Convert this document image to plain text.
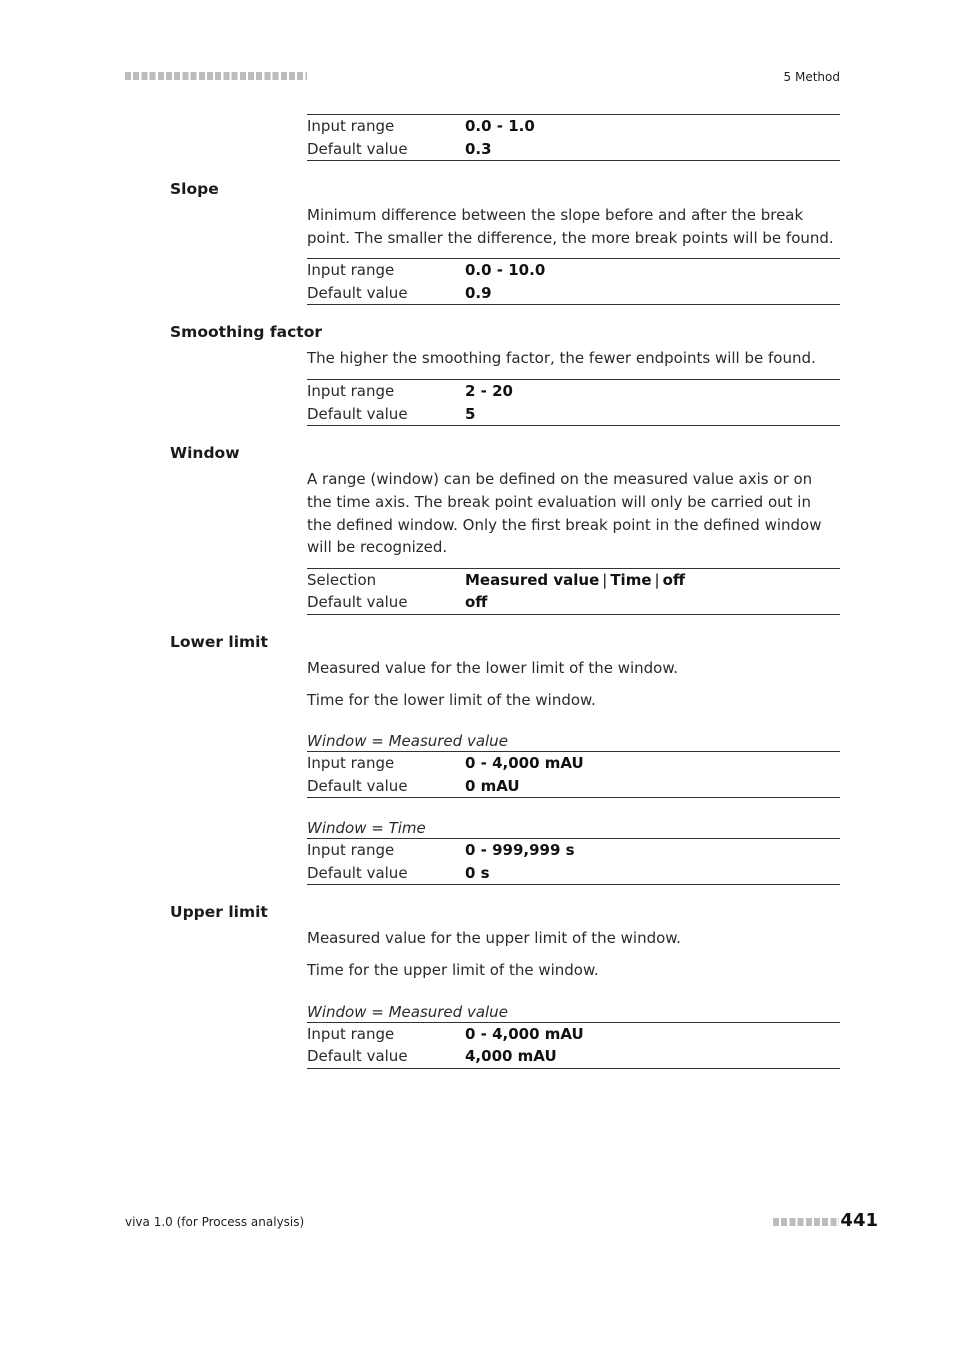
5 Method
Input range	0.0 - 1.0
Default value	0.3
Slope
Minimum difference between the slope before and after the break point. The smaller the difference, the more break points will be found.
Input range	0.0 - 10.0
Default value	0.9
Smoothing factor
The higher the smoothing factor, the fewer endpoints will be found.
Input range	2 - 20
Default value	5
Window
A range (window) can be defined on the measured value axis or on the time axis. The break point evaluation will only be carried out in the defined window. Only the first break point in the defined window will be recognized.
Selection	Measured value | Time | off
Default value	off
Lower limit
Measured value for the lower limit of the window.
Time for the lower limit of the window.
Window = Measured value
Input range	0 - 4,000 mAU
Default value	0 mAU
Window = Time
Input range	0 - 999,999 s
Default value	0 s
Upper limit
Measured value for the upper limit of the window.
Time for the upper limit of the window.
Window = Measured value
Input range	0 - 4,000 mAU
Default value	4,000 mAU
viva 1.0 (for Process analysis)	441
